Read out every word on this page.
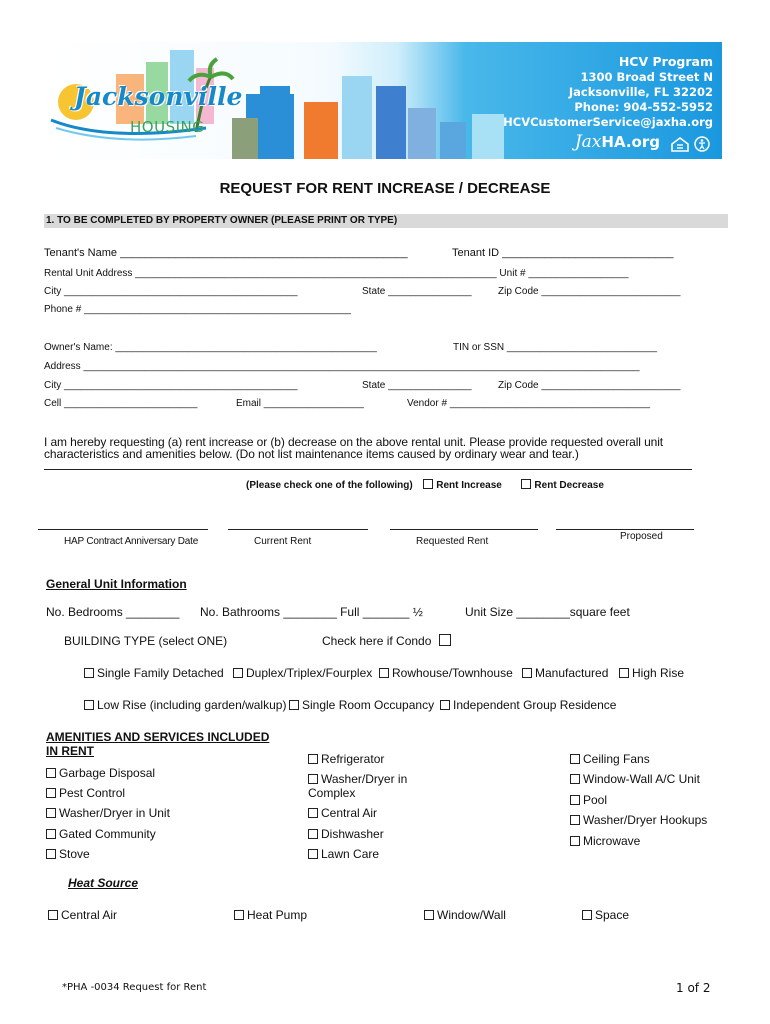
Jacksonville
HOUSING
HCV Program
1300 Broad Street N
Jacksonville, FL 32202
Phone: 904-552-5952
HCVCustomerService@jaxha.org
JaxHA.org
REQUEST FOR RENT INCREASE / DECREASE
1. TO BE COMPLETED BY PROPERTY OWNER (PLEASE PRINT OR TYPE)
Tenant's Name _______________________________________________	Tenant ID ____________________________
Rental Unit Address _________________________________________________________________ Unit # __________________
City __________________________________________	State _______________	Zip Code _________________________
Phone # ________________________________________________
Owner's Name: _______________________________________________	TIN or SSN ___________________________
Address ____________________________________________________________________________________________________
City __________________________________________	State _______________	Zip Code _________________________
Cell ________________________	Email __________________	Vendor # ____________________________________
I am hereby requesting (a) rent increase or (b) decrease on the above rental unit. Please provide requested overall unit
characteristics and amenities below. (Do not list maintenance items caused by ordinary wear and tear.)
(Please check one of the following) Rent Increase	Rent Decrease
HAP Contract Anniversary Date	Current Rent	Requested Rent	Proposed
General Unit Information
No. Bedrooms ________ No. Bathrooms ________ Full _______ ½	Unit Size ________square feet
BUILDING TYPE (select ONE)	Check here if Condo
Single Family Detached	Duplex/Triplex/Fourplex	Rowhouse/Townhouse	Manufactured	High Rise
Low Rise (including garden/walkup)	Single Room Occupancy	Independent Group Residence
AMENITIES AND SERVICES INCLUDED
IN RENT
Garbage Disposal
Pest Control
Washer/Dryer in Unit
Gated Community
Stove
Refrigerator
Washer/Dryer in
Complex
Central Air
Dishwasher
Lawn Care
Ceiling Fans
Window-Wall A/C Unit
Pool
Washer/Dryer Hookups
Microwave
Heat Source
Central Air	Heat Pump	Window/Wall	Space
*PHA -0034 Request for Rent	1 of 2
